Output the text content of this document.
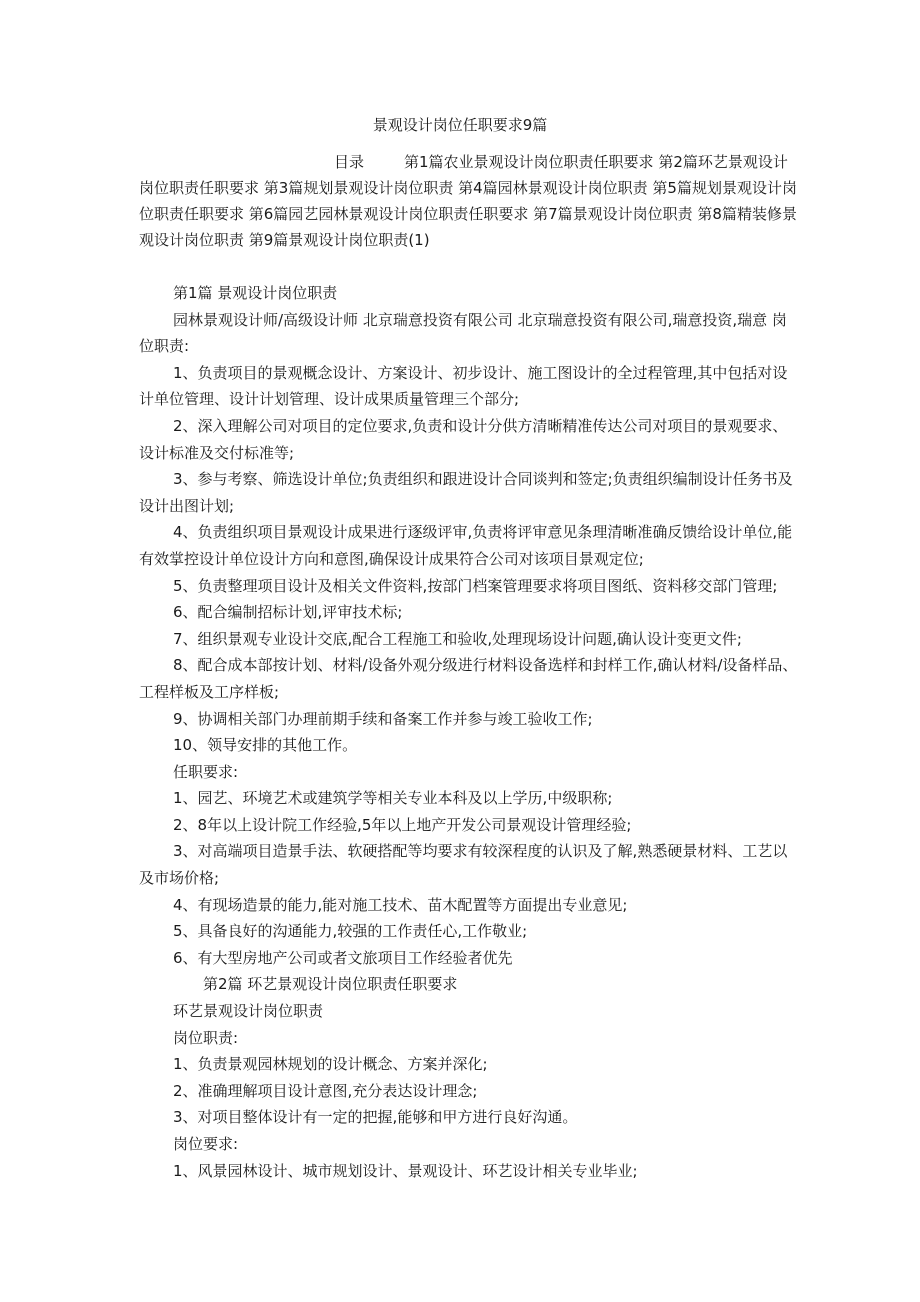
景观设计岗位任职要求9篇
目录	第1篇农业景观设计岗位职责任职要求 第2篇环艺景观设计岗位职责任职要求 第3篇规划景观设计岗位职责 第4篇园林景观设计岗位职责 第5篇规划景观设计岗位职责任职要求 第6篇园艺园林景观设计岗位职责任职要求 第7篇景观设计岗位职责 第8篇精装修景观设计岗位职责 第9篇景观设计岗位职责(1)

第1篇 景观设计岗位职责

园林景观设计师/高级设计师 北京瑞意投资有限公司 北京瑞意投资有限公司,瑞意投资,瑞意 岗位职责:

1、负责项目的景观概念设计、方案设计、初步设计、施工图设计的全过程管理,其中包括对设计单位管理、设计计划管理、设计成果质量管理三个部分;

2、深入理解公司对项目的定位要求,负责和设计分供方清晰精准传达公司对项目的景观要求、设计标准及交付标准等;

3、参与考察、筛选设计单位;负责组织和跟进设计合同谈判和签定;负责组织编制设计任务书及设计出图计划;

4、负责组织项目景观设计成果进行逐级评审,负责将评审意见条理清晰准确反馈给设计单位,能有效掌控设计单位设计方向和意图,确保设计成果符合公司对该项目景观定位;

5、负责整理项目设计及相关文件资料,按部门档案管理要求将项目图纸、资料移交部门管理;

6、配合编制招标计划,评审技术标;

7、组织景观专业设计交底,配合工程施工和验收,处理现场设计问题,确认设计变更文件;

8、配合成本部按计划、材料/设备外观分级进行材料设备选样和封样工作,确认材料/设备样品、工程样板及工序样板;

9、协调相关部门办理前期手续和备案工作并参与竣工验收工作;

10、领导安排的其他工作。

任职要求:

1、园艺、环境艺术或建筑学等相关专业本科及以上学历,中级职称;

2、8年以上设计院工作经验,5年以上地产开发公司景观设计管理经验;

3、对高端项目造景手法、软硬搭配等均要求有较深程度的认识及了解,熟悉硬景材料、工艺以及市场价格;

4、有现场造景的能力,能对施工技术、苗木配置等方面提出专业意见;

5、具备良好的沟通能力,较强的工作责任心,工作敬业;

6、有大型房地产公司或者文旅项目工作经验者优先

第2篇 环艺景观设计岗位职责任职要求

环艺景观设计岗位职责

岗位职责:

1、负责景观园林规划的设计概念、方案并深化;

2、准确理解项目设计意图,充分表达设计理念;

3、对项目整体设计有一定的把握,能够和甲方进行良好沟通。

岗位要求:

1、风景园林设计、城市规划设计、景观设计、环艺设计相关专业毕业;
